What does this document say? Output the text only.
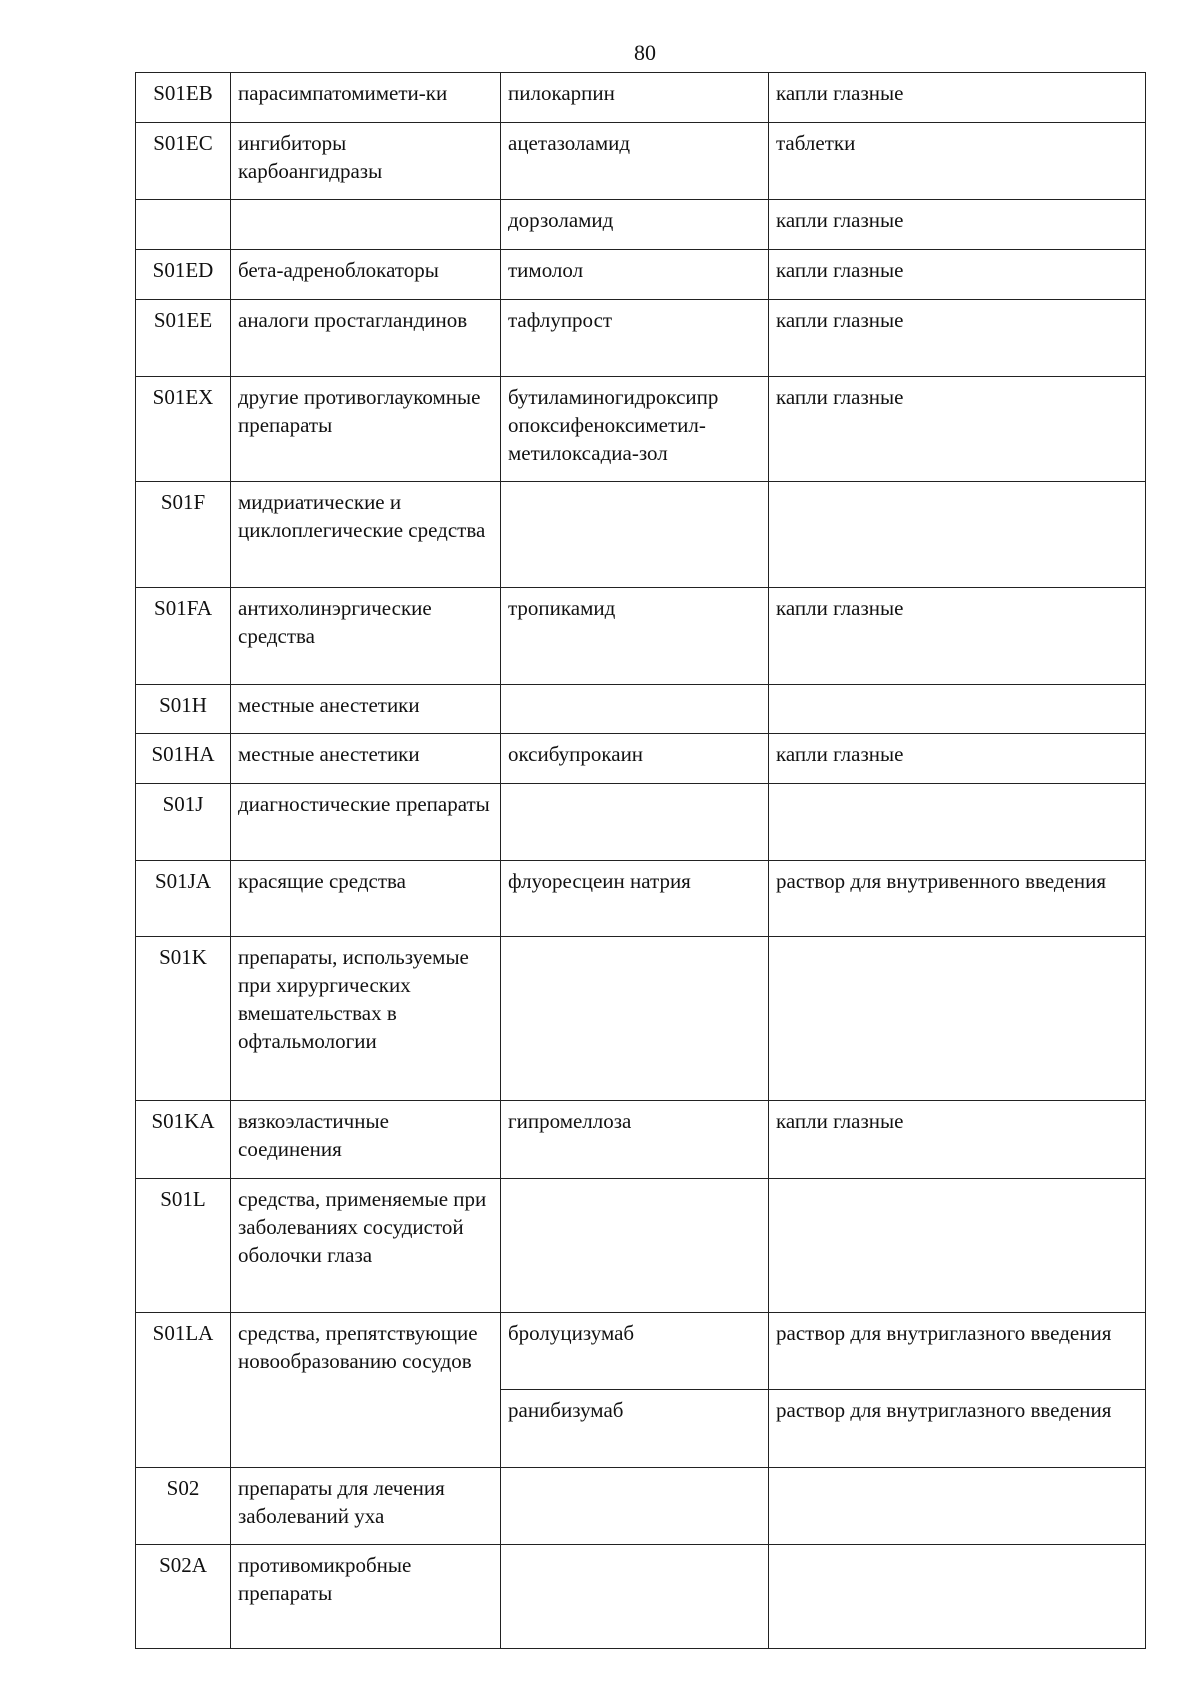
80
S01EB	парасимпатомимети-ки	пилокарпин	капли глазные
S01EC	ингибиторы карбоангидразы	ацетазоламид	таблетки
		дорзоламид	капли глазные
S01ED	бета-адреноблокаторы	тимолол	капли глазные
S01EE	аналоги простагландинов	тафлупрост	капли глазные
S01EX	другие противоглаукомные препараты	бутиламиногидроксипр опоксифеноксиметил-метилоксадиа-зол	капли глазные
S01F	мидриатические и циклоплегические средства		
S01FA	антихолинэргические средства	тропикамид	капли глазные
S01H	местные анестетики		
S01HA	местные анестетики	оксибупрокаин	капли глазные
S01J	диагностические препараты		
S01JA	красящие средства	флуоресцеин натрия	раствор для внутривенного введения
S01K	препараты, используемые при хирургических вмешательствах в офтальмологии		
S01KA	вязкоэластичные соединения	гипромеллоза	капли глазные
S01L	средства, применяемые при заболеваниях сосудистой оболочки глаза		
S01LA	средства, препятствующие новообразованию сосудов	бролуцизумаб	раствор для внутриглазного введения
		ранибизумаб	раствор для внутриглазного введения
S02	препараты для лечения заболеваний уха		
S02A	противомикробные препараты		
